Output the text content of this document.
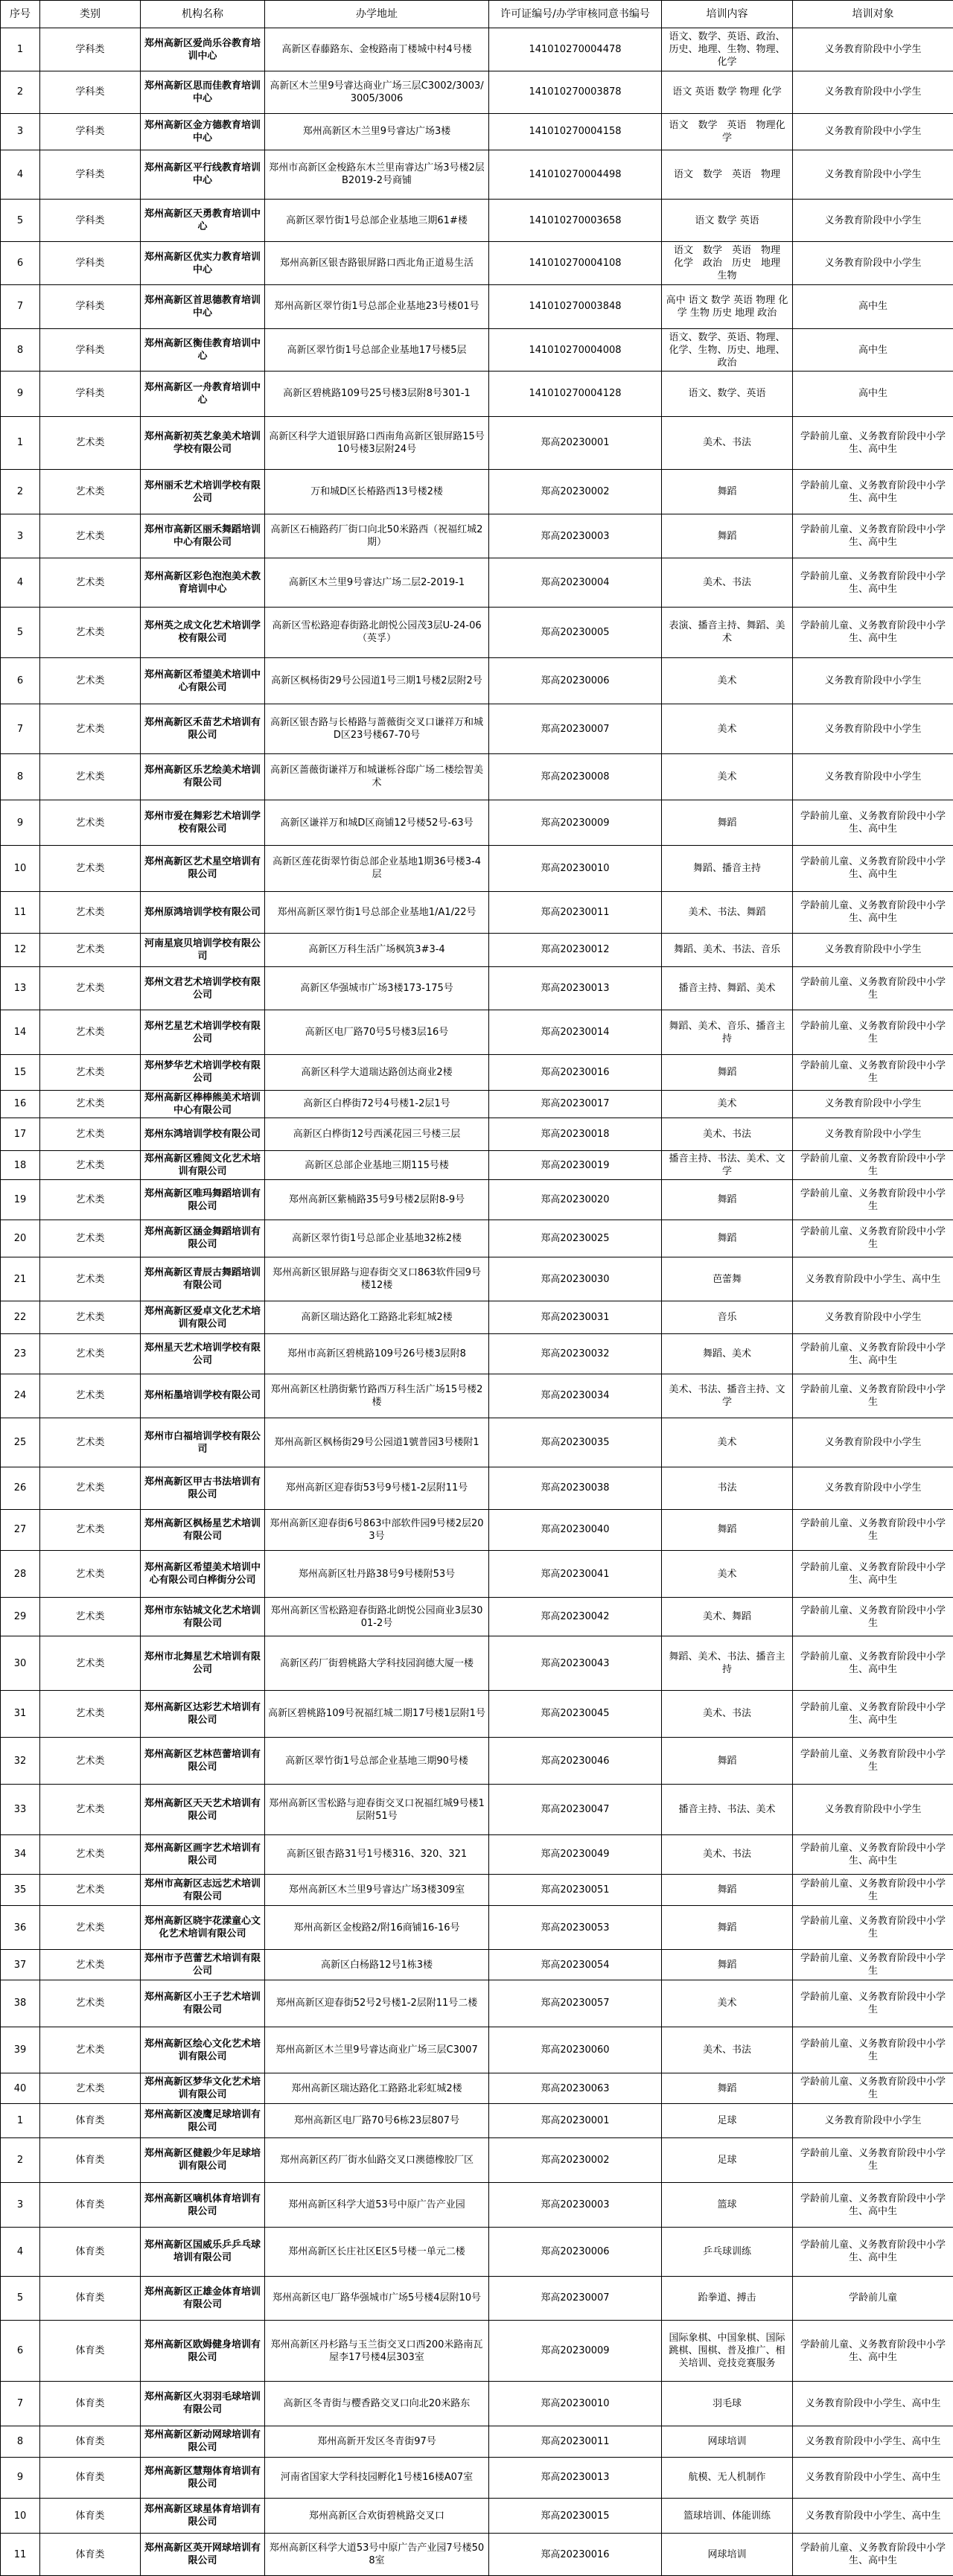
序号	类别	机构名称	办学地址	许可证编号/办学审核同意书编号	培训内容	培训对象
1	学科类	郑州高新区爱尚乐谷教育培训中心	高新区春藤路东、金梭路南丁楼城中村4号楼	141010270004478	语文、数学、英语、政治、历史、地理、生物、物理、化学	义务教育阶段中小学生
2	学科类	郑州高新区思而佳教育培训中心	高新区木兰里9号睿达商业广场三层C3002/3003/3005/3006	141010270003878	语文 英语 数学 物理 化学	义务教育阶段中小学生
3	学科类	郑州高新区金方德教育培训中心	郑州高新区木兰里9号睿达广场3楼	141010270004158	语文　数学　英语　物理化学	义务教育阶段中小学生
4	学科类	郑州高新区平行线教育培训中心	郑州市高新区金梭路东木兰里南睿达广场3号楼2层B2019-2号商铺	141010270004498	语文　数学　英语　物理	义务教育阶段中小学生
5	学科类	郑州高新区天勇教育培训中心	高新区翠竹街1号总部企业基地三期61#楼	141010270003658	语文 数学 英语	义务教育阶段中小学生
6	学科类	郑州高新区优实力教育培训中心	郑州高新区银杏路银屏路口西北角正道易生活	141010270004108	语文　数学　英语　物理　化学　政治　历史　地理　生物	义务教育阶段中小学生
7	学科类	郑州高新区首思德教育培训中心	郑州高新区翠竹街1号总部企业基地23号楼01号	141010270003848	高中 语文 数学 英语 物理 化学 生物 历史 地理 政治	高中生
8	学科类	郑州高新区衡佳教育培训中心	高新区翠竹街1号总部企业基地17号楼5层	141010270004008	语文、数学、英语、物理、化学、生物、历史、地理、政治	高中生
9	学科类	郑州高新区一舟教育培训中心	高新区碧桃路109号25号楼3层附8号301-1	141010270004128	语文、数学、英语	高中生
1	艺术类	郑州高新初英艺象美术培训学校有限公司	高新区科学大道银屏路口西南角高新区银屏路15号10号楼3层附24号	郑高20230001	美术、书法	学龄前儿童、义务教育阶段中小学生、高中生
2	艺术类	郑州丽禾艺术培训学校有限公司	万和城D区长椿路西13号楼2楼	郑高20230002	舞蹈	学龄前儿童、义务教育阶段中小学生、高中生
3	艺术类	郑州市高新区丽禾舞蹈培训中心有限公司	高新区石楠路药厂街口向北50米路西（祝福红城2期）	郑高20230003	舞蹈	学龄前儿童、义务教育阶段中小学生、高中生
4	艺术类	郑州高新区彩色泡泡美术教育培训中心	高新区木兰里9号睿达广场二层2-2019-1	郑高20230004	美术、书法	学龄前儿童、义务教育阶段中小学生、高中生
5	艺术类	郑州英之成文化艺术培训学校有限公司	高新区雪松路迎春街路北朗悦公园茂3层U-24-06（英孚）	郑高20230005	表演、播音主持、舞蹈、美术	学龄前儿童、义务教育阶段中小学生、高中生
6	艺术类	郑州高新区希望美术培训中心有限公司	高新区枫杨街29号公园道1号三期1号楼2层附2号	郑高20230006	美术	义务教育阶段中小学生
7	艺术类	郑州高新区禾苗艺术培训有限公司	高新区银杏路与长椿路与蔷薇街交叉口谦祥万和城D区23号楼67-70号	郑高20230007	美术	义务教育阶段中小学生
8	艺术类	郑州高新区乐艺绘美术培训有限公司	高新区蔷薇街谦祥万和城谦栎谷邸广场二楼绘智美术	郑高20230008	美术	义务教育阶段中小学生
9	艺术类	郑州市爱在舞彩艺术培训学校有限公司	高新区谦祥万和城D区商铺12号楼52号-63号	郑高20230009	舞蹈	学龄前儿童、义务教育阶段中小学生、高中生
10	艺术类	郑州高新区艺术星空培训有限公司	高新区莲花街翠竹街总部企业基地1期36号楼3-4层	郑高20230010	舞蹈、播音主持	学龄前儿童、义务教育阶段中小学生、高中生
11	艺术类	郑州原鸿培训学校有限公司	郑州高新区翠竹街1号总部企业基地1/A1/22号	郑高20230011	美术、书法、舞蹈	学龄前儿童、义务教育阶段中小学生、高中生
12	艺术类	河南星宸贝培训学校有限公司	高新区万科生活广场枫筑3#3-4	郑高20230012	舞蹈、美术、书法、音乐	义务教育阶段中小学生
13	艺术类	郑州文君艺术培训学校有限公司	高新区华强城市广场3楼173-175号	郑高20230013	播音主持、舞蹈、美术	学龄前儿童、义务教育阶段中小学生
14	艺术类	郑州艺星艺术培训学校有限公司	高新区电厂路70号5号楼3层16号	郑高20230014	舞蹈、美术、音乐、播音主持	学龄前儿童、义务教育阶段中小学生
15	艺术类	郑州梦华艺术培训学校有限公司	高新区科学大道瑞达路创达商业2楼	郑高20230016	舞蹈	学龄前儿童、义务教育阶段中小学生
16	艺术类	郑州高新区棒棒熊美术培训中心有限公司	高新区白桦街72号4号楼1-2层1号	郑高20230017	美术	义务教育阶段中小学生
17	艺术类	郑州东鸿培训学校有限公司	高新区白桦街12号西溪花园三号楼三层	郑高20230018	美术、书法	义务教育阶段中小学生
18	艺术类	郑州高新区雅阅文化艺术培训有限公司	高新区总部企业基地三期115号楼	郑高20230019	播音主持、书法、美术、文学	学龄前儿童、义务教育阶段中小学生
19	艺术类	郑州高新区唯玛舞蹈培训有限公司	郑州高新区紫楠路35号9号楼2层附8-9号	郑高20230020	舞蹈	学龄前儿童、义务教育阶段中小学生
20	艺术类	郑州高新区涵金舞蹈培训有限公司	高新区翠竹街1号总部企业基地32栋2楼	郑高20230025	舞蹈	学龄前儿童、义务教育阶段中小学生
21	艺术类	郑州高新区青辰古舞蹈培训有限公司	郑州高新区银屏路与迎春街交叉口863软件园9号楼12楼	郑高20230030	芭蕾舞	义务教育阶段中小学生、高中生
22	艺术类	郑州高新区爱卓文化艺术培训有限公司	高新区瑞达路化工路路北彩虹城2楼	郑高20230031	音乐	义务教育阶段中小学生
23	艺术类	郑州星天艺术培训学校有限公司	郑州市高新区碧桃路109号26号楼3层附8	郑高20230032	舞蹈、美术	学龄前儿童、义务教育阶段中小学生、高中生
24	艺术类	郑州柘墨培训学校有限公司	郑州高新区杜鹃街紫竹路西万科生活广场15号楼2楼	郑高20230034	美术、书法、播音主持、文学	学龄前儿童、义务教育阶段中小学生
25	艺术类	郑州市白福培训学校有限公司	郑州高新区枫杨街29号公园道1號普园3号楼附1	郑高20230035	美术	义务教育阶段中小学生
26	艺术类	郑州高新区甲古书法培训有限公司	郑州高新区迎春街53号9号楼1-2层附11号	郑高20230038	书法	义务教育阶段中小学生
27	艺术类	郑州高新区枫杨星艺术培训有限公司	郑州高新区迎春街6号863中部软件园9号楼2层203号	郑高20230040	舞蹈	学龄前儿童、义务教育阶段中小学生
28	艺术类	郑州高新区希望美术培训中心有限公司白桦街分公司	郑州高新区牡丹路38号9号楼附53号	郑高20230041	美术	学龄前儿童、义务教育阶段中小学生、高中生
29	艺术类	郑州市东钴城文化艺术培训有限公司	郑州高新区雪松路迎春街路北朗悦公园商业3层3001-2号	郑高20230042	美术、舞蹈	学龄前儿童、义务教育阶段中小学生
30	艺术类	郑州市北舞星艺术培训有限公司	高新区药厂街碧桃路大学科技园润德大厦一楼	郑高20230043	舞蹈、美术、书法、播音主持	学龄前儿童、义务教育阶段中小学生、高中生
31	艺术类	郑州高新区达彩艺术培训有限公司	高新区碧桃路109号祝福红城二期17号楼1层附1号	郑高20230045	美术、书法	学龄前儿童、义务教育阶段中小学生、高中生
32	艺术类	郑州高新区艺林芭蕾培训有限公司	高新区翠竹街1号总部企业基地三期90号楼	郑高20230046	舞蹈	学龄前儿童、义务教育阶段中小学生
33	艺术类	郑州高新区天天艺术培训有限公司	郑州高新区雪松路与迎春街交叉口祝福红城9号楼1层附51号	郑高20230047	播音主持、书法、美术	义务教育阶段中小学生
34	艺术类	郑州高新区画字艺术培训有限公司	高新区银杏路31号1号楼316、320、321	郑高20230049	美术、书法	学龄前儿童、义务教育阶段中小学生、高中生
35	艺术类	郑州市高新区志远艺术培训有限公司	郑州高新区木兰里9号睿达广场3楼309室	郑高20230051	舞蹈	学龄前儿童、义务教育阶段中小学生
36	艺术类	郑州高新区晓宇花漾童心文化艺术培训有限公司	郑州高新区金梭路2/附16商铺16-16号	郑高20230053	舞蹈	学龄前儿童、义务教育阶段中小学生
37	艺术类	郑州市予芭蕾艺术培训有限公司	高新区白杨路12号1栋3楼	郑高20230054	舞蹈	学龄前儿童、义务教育阶段中小学生
38	艺术类	郑州高新区小王子艺术培训有限公司	郑州高新区迎春街52号2号楼1-2层附11号二楼	郑高20230057	美术	学龄前儿童、义务教育阶段中小学生
39	艺术类	郑州高新区绘心文化艺术培训有限公司	郑州高新区木兰里9号睿达商业广场三层C3007	郑高20230060	美术、书法	学龄前儿童、义务教育阶段中小学生
40	艺术类	郑州高新区梦华文化艺术培训有限公司	郑州高新区瑞达路化工路路北彩虹城2楼	郑高20230063	舞蹈	学龄前儿童、义务教育阶段中小学生
1	体育类	郑州高新区凌鹰足球培训有限公司	郑州高新区电厂路70号6栋23层807号	郑高20230001	足球	义务教育阶段中小学生
2	体育类	郑州高新区健毅少年足球培训有限公司	郑州高新区药厂街水仙路交叉口澳德橡胶厂区	郑高20230002	足球	学龄前儿童、义务教育阶段中小学生
3	体育类	郑州高新区嘀机体育培训有限公司	郑州高新区科学大道53号中原广告产业园	郑高20230003	篮球	学龄前儿童、义务教育阶段中小学生、高中生
4	体育类	郑州高新区国威乐乒乒乓球培训有限公司	郑州高新区长庄社区E区5号楼一单元二楼	郑高20230006	乒乓球训练	学龄前儿童、义务教育阶段中小学生、高中生
5	体育类	郑州高新区正雄金体育培训有限公司	郑州高新区电厂路华强城市广场5号楼4层附10号	郑高20230007	跆拳道、搏击	学龄前儿童
6	体育类	郑州高新区欧姆健身培训有限公司	郑州高新区丹杉路与玉兰街交叉口西200米路南瓦屋李17号楼4层303室	郑高20230009	国际象棋、中国象棋、国际跳棋、围棋、普及推广、相关培训、竞技竞赛服务	学龄前儿童、义务教育阶段中小学生、高中生
7	体育类	郑州高新区火羽羽毛球培训有限公司	高新区冬青街与樱香路交叉口向北20米路东	郑高20230010	羽毛球	义务教育阶段中小学生、高中生
8	体育类	郑州高新区新动网球培训有限公司	郑州高新开发区冬青街97号	郑高20230011	网球培训	义务教育阶段中小学生、高中生
9	体育类	郑州高新区慧翔体育培训有限公司	河南省国家大学科技园孵化1号楼16楼A07室	郑高20230013	航模、无人机制作	义务教育阶段中小学生、高中生
10	体育类	郑州高新区球星体育培训有限公司	郑州高新区合欢街碧桃路交叉口	郑高20230015	篮球培训、体能训练	义务教育阶段中小学生、高中生
11	体育类	郑州高新区英开网球培训有限公司	郑州高新区科学大道53号中原广告产业园7号楼508室	郑高20230016	网球培训	学龄前儿童、义务教育阶段中小学生、高中生
